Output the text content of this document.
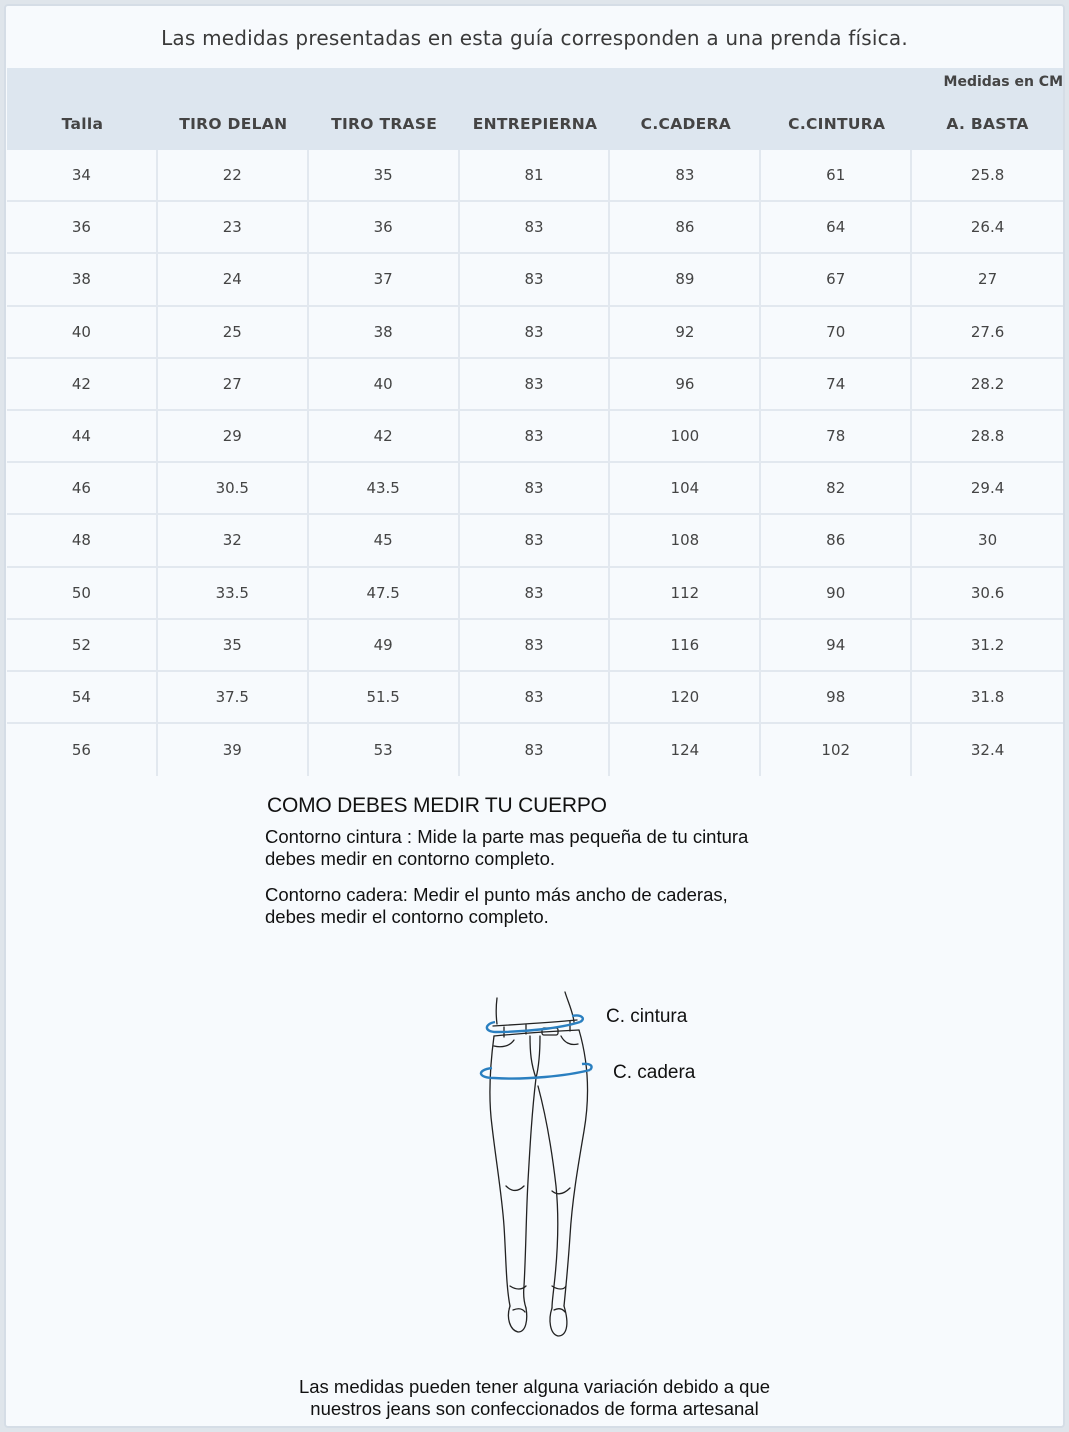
Las medidas presentadas en esta guía corresponden a una prenda física.
Medidas en CM
Talla	TIRO DELAN	TIRO TRASE	ENTREPIERNA	C.CADERA	C.CINTURA	A. BASTA
34	22	35	81	83	61	25.8
36	23	36	83	86	64	26.4
38	24	37	83	89	67	27
40	25	38	83	92	70	27.6
42	27	40	83	96	74	28.2
44	29	42	83	100	78	28.8
46	30.5	43.5	83	104	82	29.4
48	32	45	83	108	86	30
50	33.5	47.5	83	112	90	30.6
52	35	49	83	116	94	31.2
54	37.5	51.5	83	120	98	31.8
56	39	53	83	124	102	32.4
COMO DEBES MEDIR TU CUERPO
Contorno cintura : Mide la parte mas pequeña de tu cintura
debes medir en contorno completo.
Contorno cadera: Medir el punto más ancho de caderas,
debes medir el contorno completo.
C. cintura
C. cadera
Las medidas pueden tener alguna variación debido a que
nuestros jeans son confeccionados de forma artesanal
